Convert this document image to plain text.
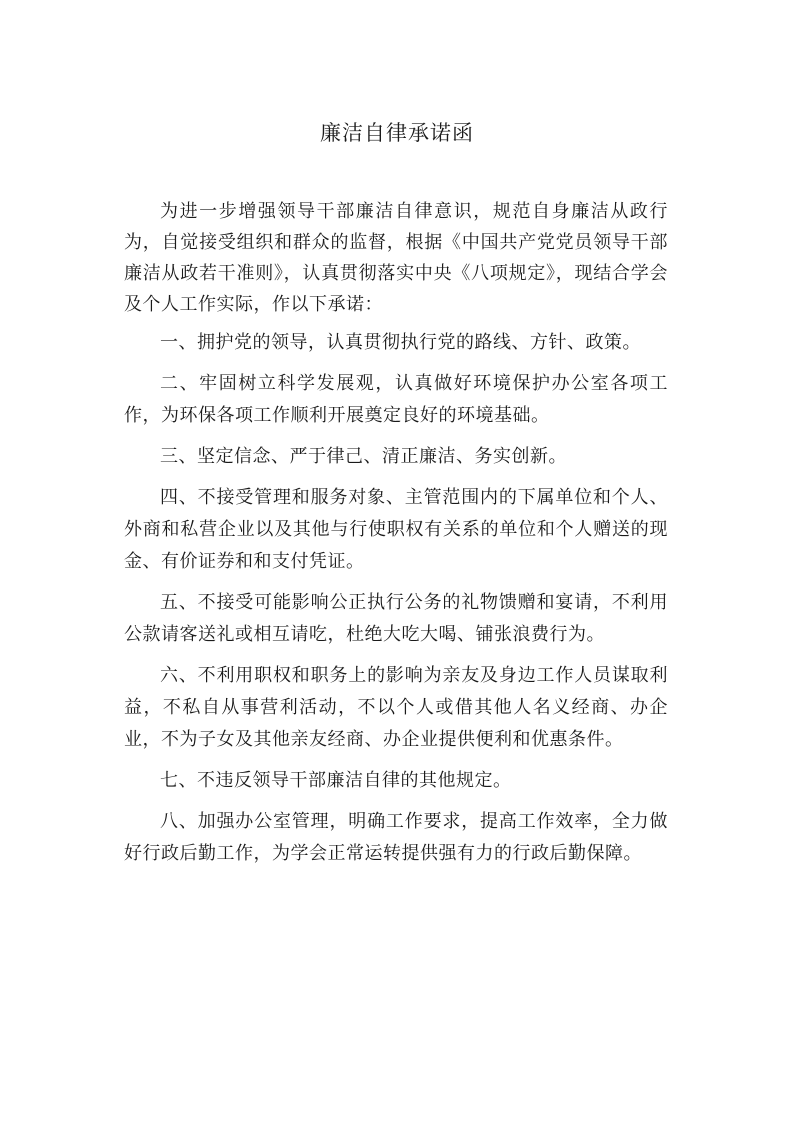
廉洁自律承诺函

为进一步增强领导干部廉洁自律意识，规范自身廉洁从政行为，自觉接受组织和群众的监督，根据《中国共产党党员领导干部廉洁从政若干准则》，认真贯彻落实中央《八项规定》，现结合学会及个人工作实际，作以下承诺：

一、拥护党的领导，认真贯彻执行党的路线、方针、政策。

二、牢固树立科学发展观，认真做好环境保护办公室各项工作，为环保各项工作顺利开展奠定良好的环境基础。

三、坚定信念、严于律己、清正廉洁、务实创新。

四、不接受管理和服务对象、主管范围内的下属单位和个人、外商和私营企业以及其他与行使职权有关系的单位和个人赠送的现金、有价证券和和支付凭证。

五、不接受可能影响公正执行公务的礼物馈赠和宴请，不利用公款请客送礼或相互请吃，杜绝大吃大喝、铺张浪费行为。

六、不利用职权和职务上的影响为亲友及身边工作人员谋取利益，不私自从事营利活动，不以个人或借其他人名义经商、办企业，不为子女及其他亲友经商、办企业提供便利和优惠条件。

七、不违反领导干部廉洁自律的其他规定。

八、加强办公室管理，明确工作要求，提高工作效率，全力做好行政后勤工作，为学会正常运转提供强有力的行政后勤保障。
